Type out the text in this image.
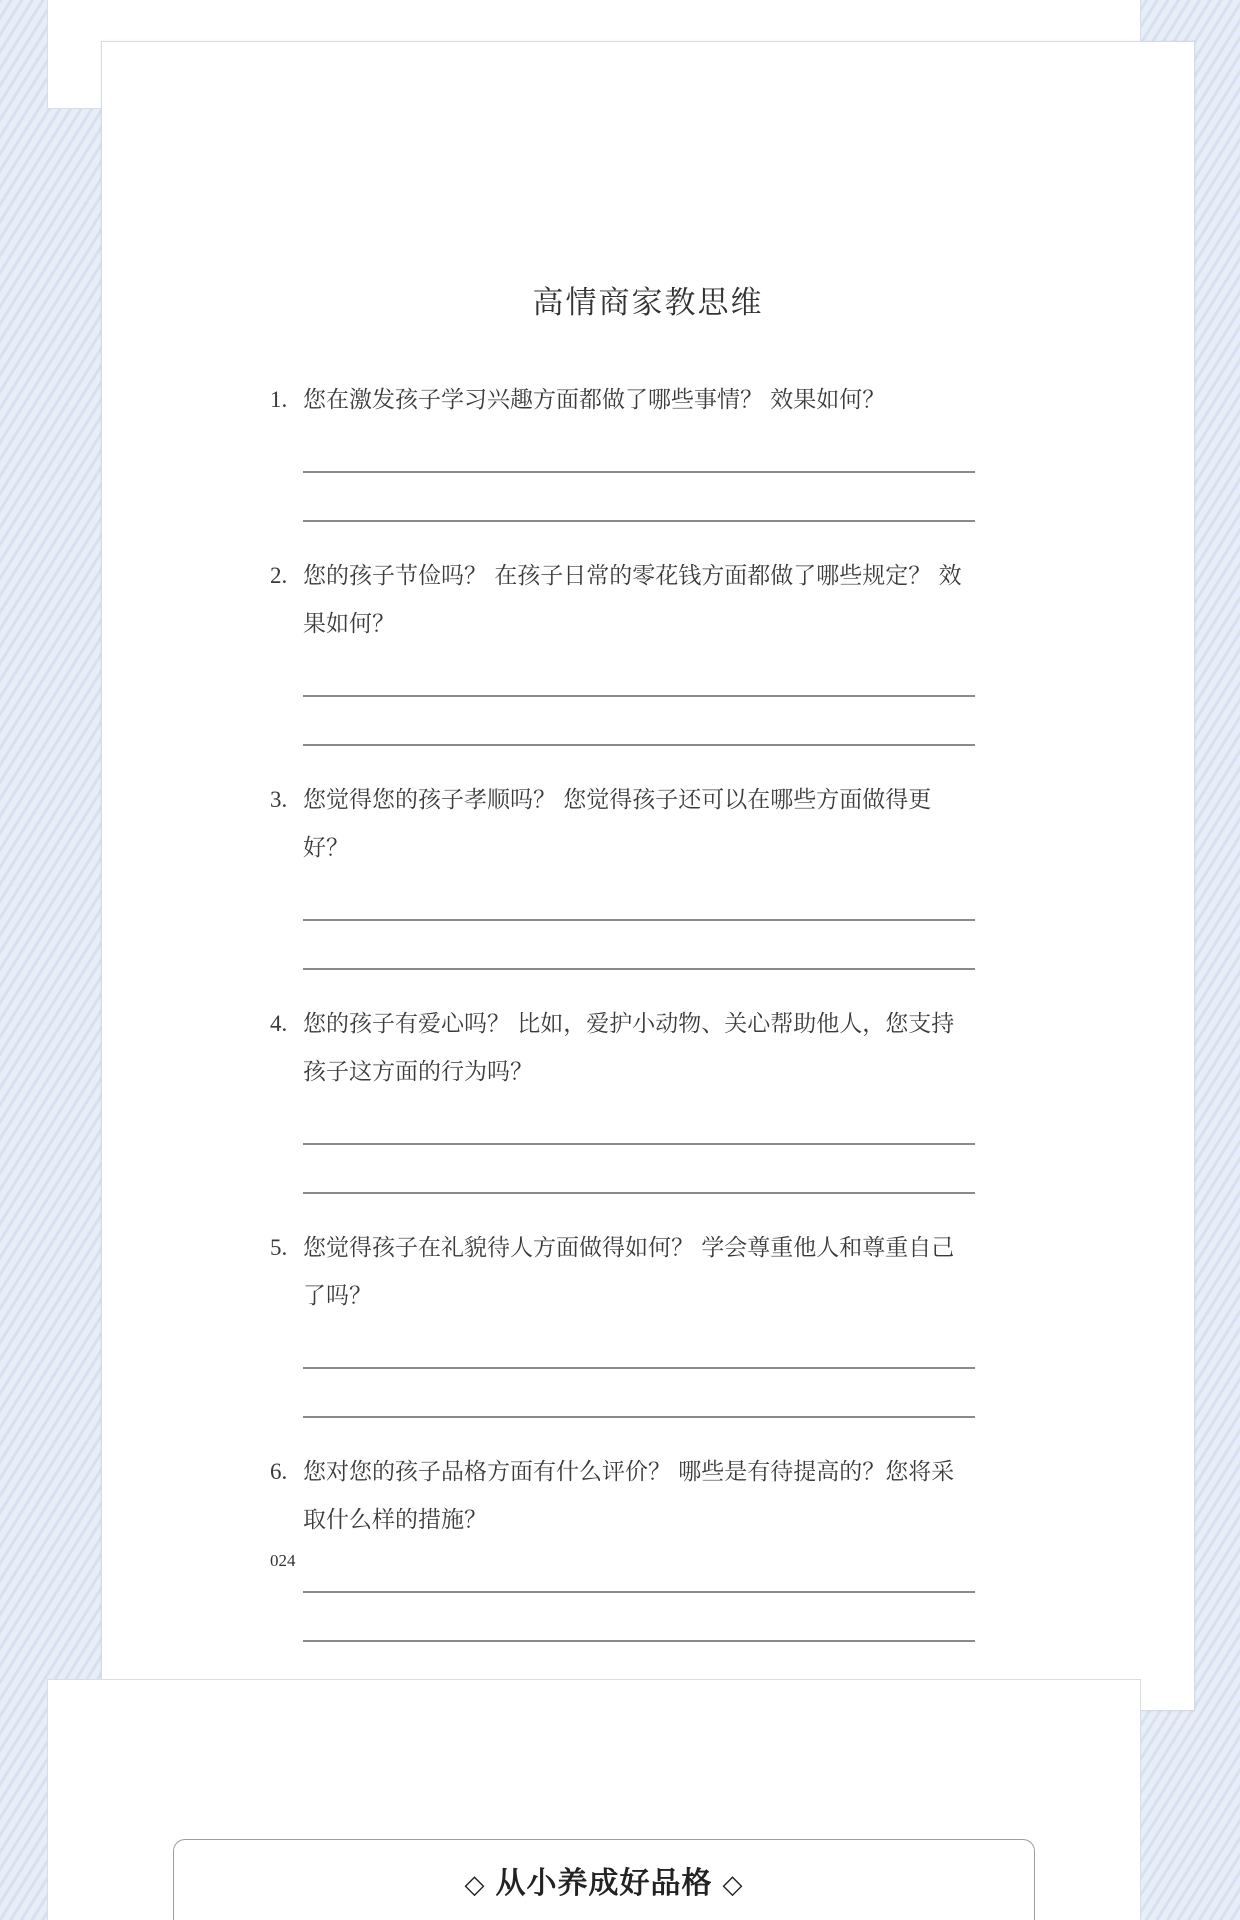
高情商家教思维
1. 您在激发孩子学习兴趣方面都做了哪些事情？ 效果如何？
2. 您的孩子节俭吗？ 在孩子日常的零花钱方面都做了哪些规定？ 效果如何？
3. 您觉得您的孩子孝顺吗？ 您觉得孩子还可以在哪些方面做得更好？
4. 您的孩子有爱心吗？ 比如，爱护小动物、关心帮助他人，您支持孩子这方面的行为吗？
5. 您觉得孩子在礼貌待人方面做得如何？ 学会尊重他人和尊重自己了吗？
6. 您对您的孩子品格方面有什么评价？ 哪些是有待提高的？您将采取什么样的措施？
024
◇ 从小养成好品格 ◇
